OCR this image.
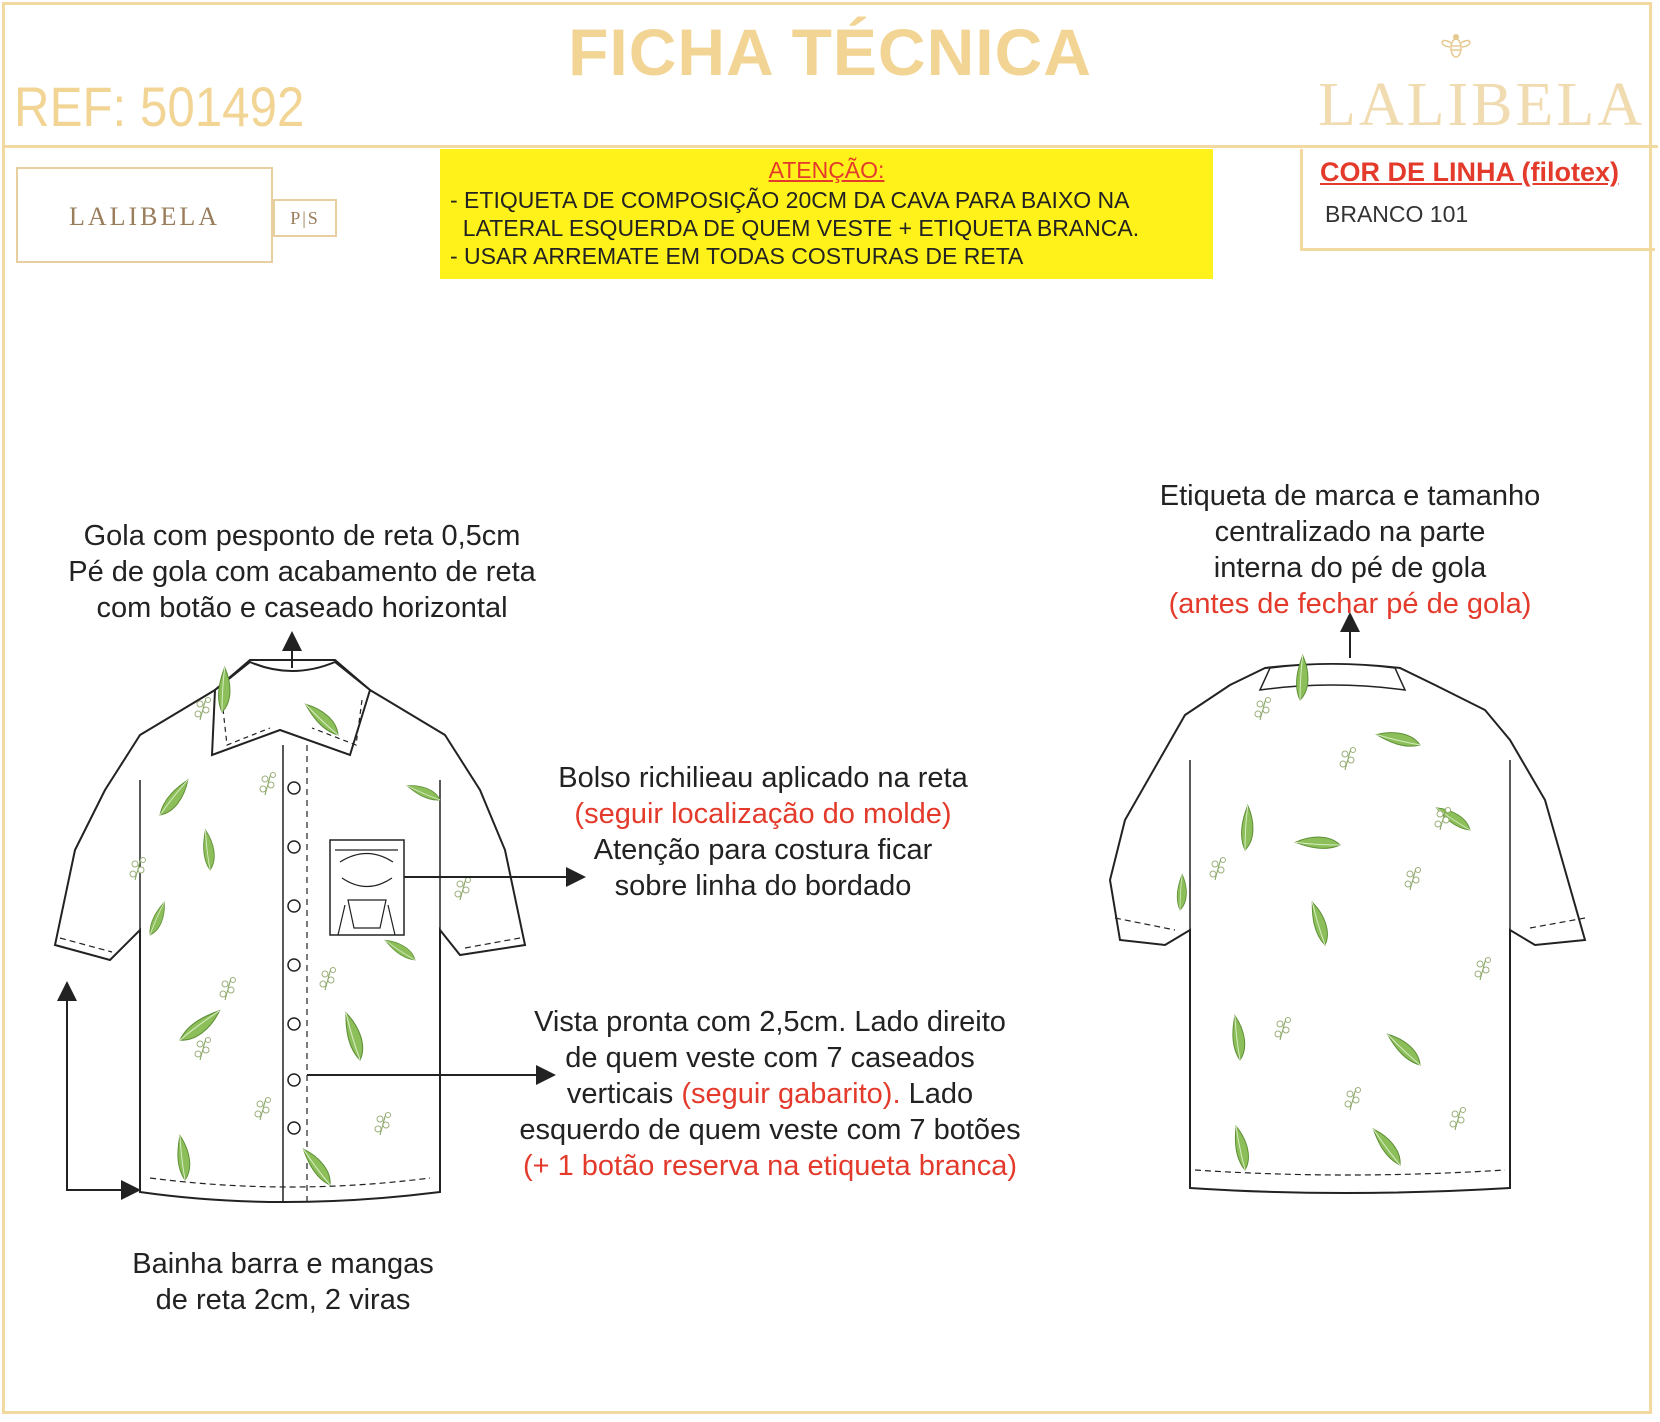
FICHA TÉCNICA
REF: 501492	LALIBELA
LALIBELA	P|S
ATENÇÃO:
- ETIQUETA DE COMPOSIÇÃO 20CM DA CAVA PARA BAIXO NA
LATERAL ESQUERDA DE QUEM VESTE + ETIQUETA BRANCA.
- USAR ARREMATE EM TODAS COSTURAS DE RETA
COR DE LINHA (filotex)
BRANCO 101
Gola com pesponto de reta 0,5cm
Pé de gola com acabamento de reta
com botão e caseado horizontal
Etiqueta de marca e tamanho
centralizado na parte
interna do pé de gola
(antes de fechar pé de gola)
Bolso richilieau aplicado na reta
(seguir localização do molde)
Atenção para costura ficar
sobre linha do bordado
Vista pronta com 2,5cm. Lado direito
de quem veste com 7 caseados
verticais (seguir gabarito). Lado
esquerdo de quem veste com 7 botões
(+ 1 botão reserva na etiqueta branca)
Bainha barra e mangas
de reta 2cm, 2 viras
